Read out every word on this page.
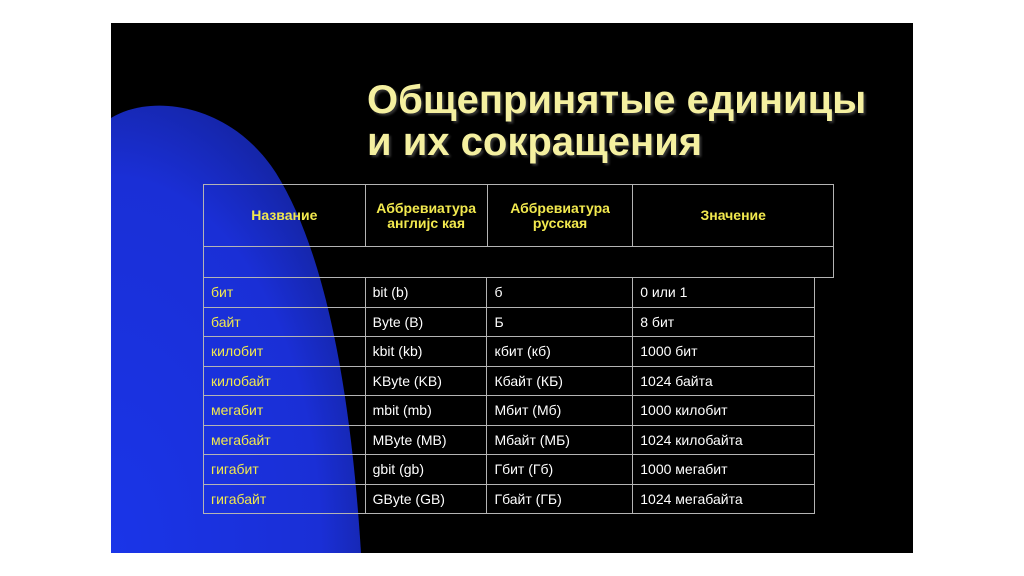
Общепринятые единицы
и их сокращения
Название	Аббревиатура англиjс кая	Аббревиатура русская	Значение

бит	bit (b)	б	0 или 1
байт	Byte (B)	Б	8 бит
килобит	kbit (kb)	кбит (кб)	1000 бит
килобайт	KByte (KB)	Кбайт (КБ)	1024 байта
мегабит	mbit (mb)	Мбит (Мб)	1000 килобит
мегабайт	MByte (MB)	Мбайт (МБ)	1024 килобайта
гигабит	gbit (gb)	Гбит (Гб)	1000 мегабит
гигабайт	GByte (GB)	Гбайт (ГБ)	1024 мегабайта
